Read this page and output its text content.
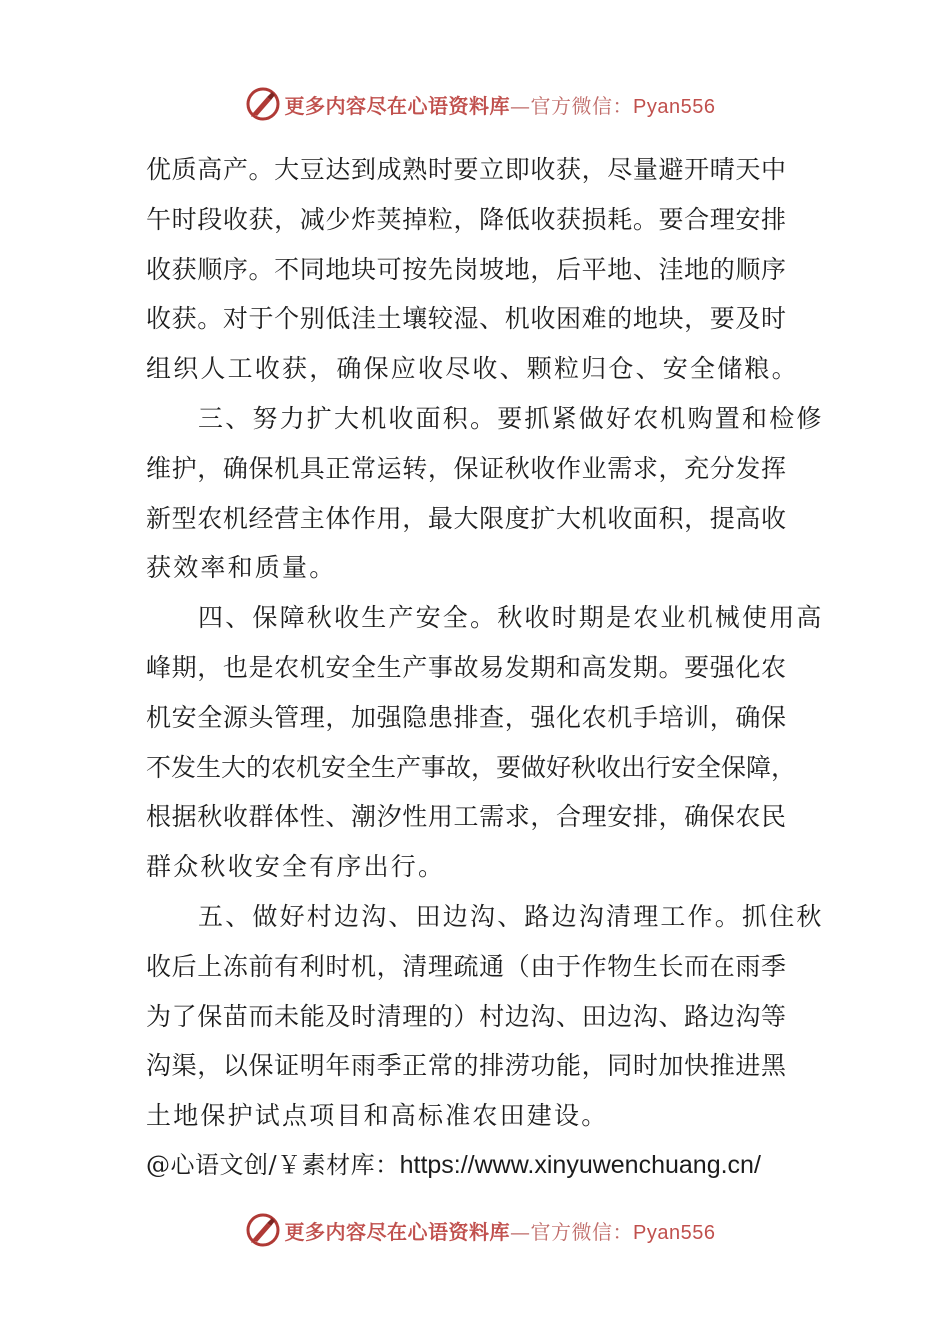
更多内容尽在心语资料库—官方微信：Pyan556
优质高产。大豆达到成熟时要立即收获，尽量避开晴天中
午时段收获，减少炸荚掉粒，降低收获损耗。要合理安排
收获顺序。不同地块可按先岗坡地，后平地、洼地的顺序
收获。对于个别低洼土壤较湿、机收困难的地块，要及时
组织人工收获，确保应收尽收、颗粒归仓、安全储粮。
三、努力扩大机收面积。要抓紧做好农机购置和检修
维护，确保机具正常运转，保证秋收作业需求，充分发挥
新型农机经营主体作用，最大限度扩大机收面积，提高收
获效率和质量。
四、保障秋收生产安全。秋收时期是农业机械使用高
峰期，也是农机安全生产事故易发期和高发期。要强化农
机安全源头管理，加强隐患排查，强化农机手培训，确保
不发生大的农机安全生产事故，要做好秋收出行安全保障，
根据秋收群体性、潮汐性用工需求，合理安排，确保农民
群众秋收安全有序出行。
五、做好村边沟、田边沟、路边沟清理工作。抓住秋
收后上冻前有利时机，清理疏通（由于作物生长而在雨季
为了保苗而未能及时清理的）村边沟、田边沟、路边沟等
沟渠，以保证明年雨季正常的排涝功能，同时加快推进黑
土地保护试点项目和高标准农田建设。
@心语文创/￥素材库：https://www.xinyuwenchuang.cn/
更多内容尽在心语资料库—官方微信：Pyan556
